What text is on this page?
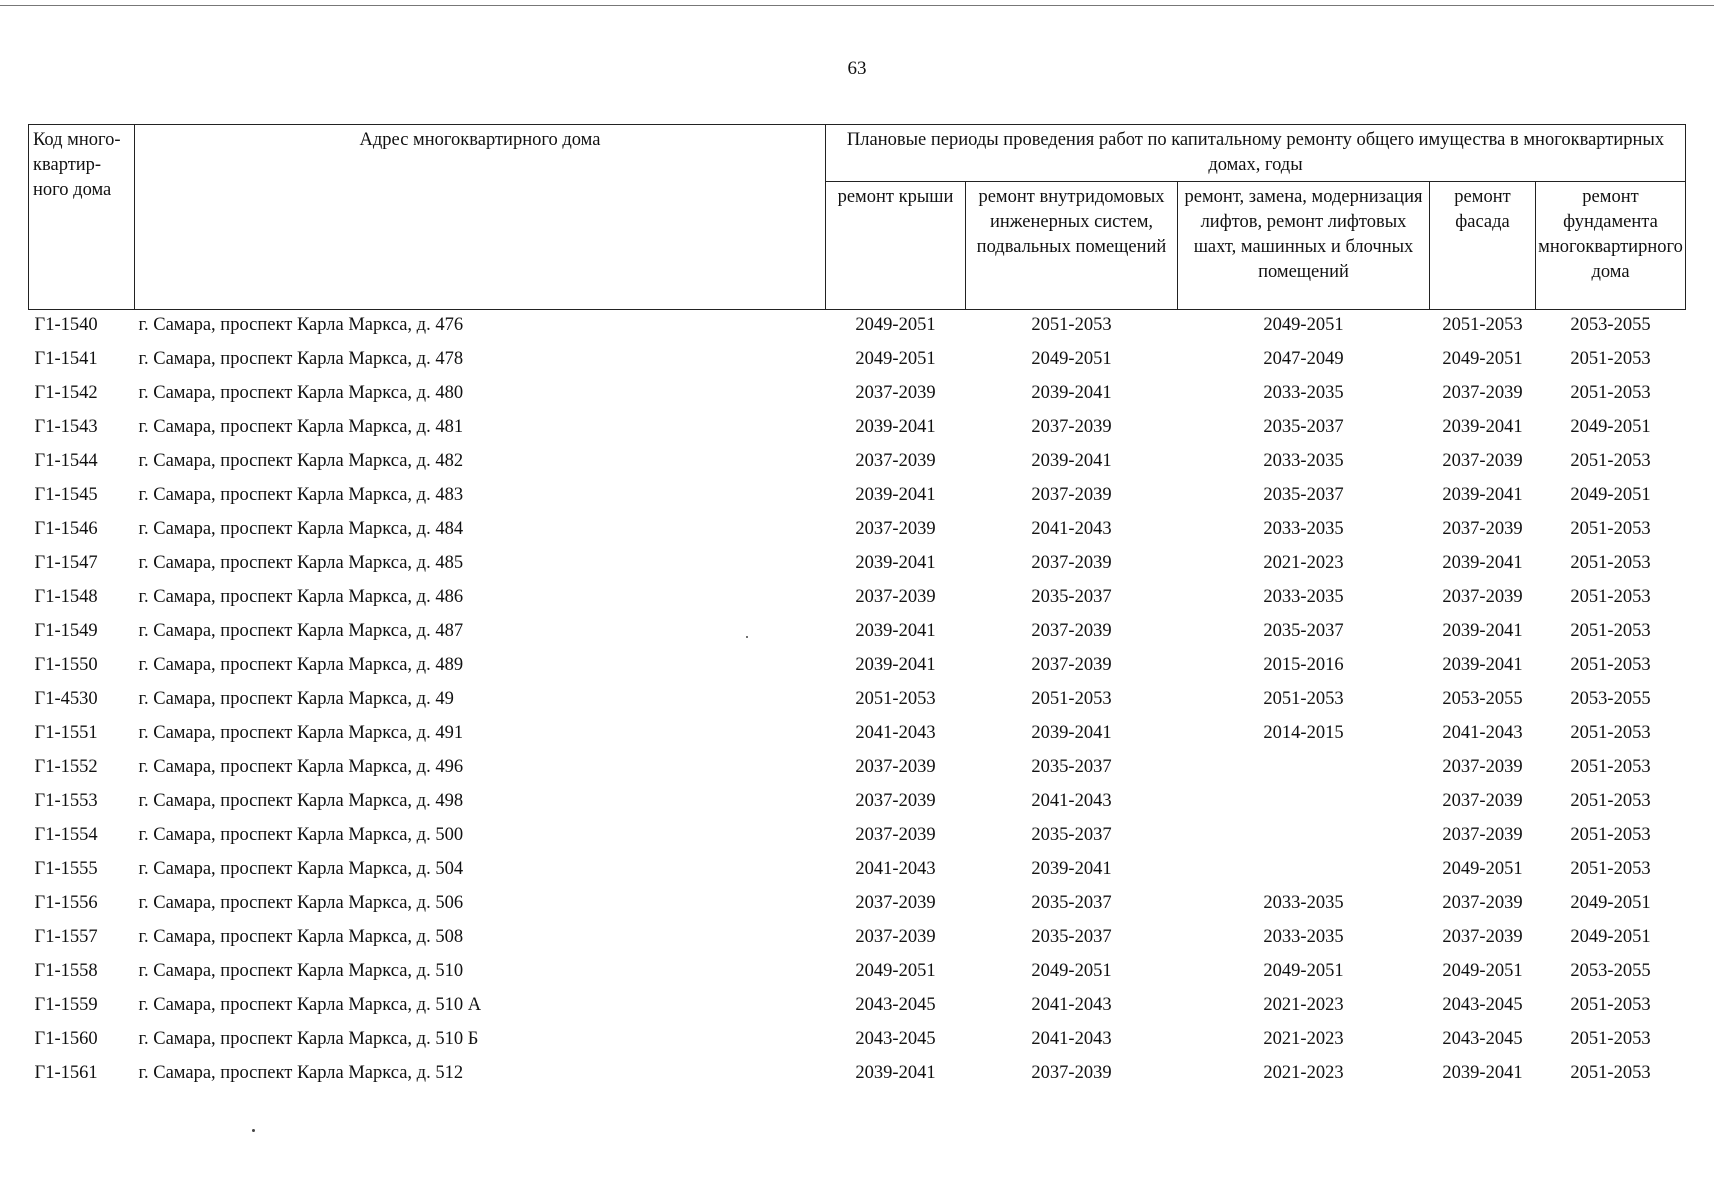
63
Код много-квартир-ного дома	Адрес многоквартирного дома	Плановые периоды проведения работ по капитальному ремонту общего имущества в многоквартирных домах, годы				
		ремонт крыши	ремонт внутридомовых инженерных систем, подвальных помещений	ремонт, замена, модернизация лифтов, ремонт лифтовых шахт, машинных и блочных помещений	ремонт фасада	ремонт фундамента многоквартирного дома
Г1-1540	г. Самара, проспект Карла Маркса, д. 476	2049-2051	2051-2053	2049-2051	2051-2053	2053-2055
Г1-1541	г. Самара, проспект Карла Маркса, д. 478	2049-2051	2049-2051	2047-2049	2049-2051	2051-2053
Г1-1542	г. Самара, проспект Карла Маркса, д. 480	2037-2039	2039-2041	2033-2035	2037-2039	2051-2053
Г1-1543	г. Самара, проспект Карла Маркса, д. 481	2039-2041	2037-2039	2035-2037	2039-2041	2049-2051
Г1-1544	г. Самара, проспект Карла Маркса, д. 482	2037-2039	2039-2041	2033-2035	2037-2039	2051-2053
Г1-1545	г. Самара, проспект Карла Маркса, д. 483	2039-2041	2037-2039	2035-2037	2039-2041	2049-2051
Г1-1546	г. Самара, проспект Карла Маркса, д. 484	2037-2039	2041-2043	2033-2035	2037-2039	2051-2053
Г1-1547	г. Самара, проспект Карла Маркса, д. 485	2039-2041	2037-2039	2021-2023	2039-2041	2051-2053
Г1-1548	г. Самара, проспект Карла Маркса, д. 486	2037-2039	2035-2037	2033-2035	2037-2039	2051-2053
Г1-1549	г. Самара, проспект Карла Маркса, д. 487	2039-2041	2037-2039	2035-2037	2039-2041	2051-2053
Г1-1550	г. Самара, проспект Карла Маркса, д. 489	2039-2041	2037-2039	2015-2016	2039-2041	2051-2053
Г1-4530	г. Самара, проспект Карла Маркса, д. 49	2051-2053	2051-2053	2051-2053	2053-2055	2053-2055
Г1-1551	г. Самара, проспект Карла Маркса, д. 491	2041-2043	2039-2041	2014-2015	2041-2043	2051-2053
Г1-1552	г. Самара, проспект Карла Маркса, д. 496	2037-2039	2035-2037		2037-2039	2051-2053
Г1-1553	г. Самара, проспект Карла Маркса, д. 498	2037-2039	2041-2043		2037-2039	2051-2053
Г1-1554	г. Самара, проспект Карла Маркса, д. 500	2037-2039	2035-2037		2037-2039	2051-2053
Г1-1555	г. Самара, проспект Карла Маркса, д. 504	2041-2043	2039-2041		2049-2051	2051-2053
Г1-1556	г. Самара, проспект Карла Маркса, д. 506	2037-2039	2035-2037	2033-2035	2037-2039	2049-2051
Г1-1557	г. Самара, проспект Карла Маркса, д. 508	2037-2039	2035-2037	2033-2035	2037-2039	2049-2051
Г1-1558	г. Самара, проспект Карла Маркса, д. 510	2049-2051	2049-2051	2049-2051	2049-2051	2053-2055
Г1-1559	г. Самара, проспект Карла Маркса, д. 510 А	2043-2045	2041-2043	2021-2023	2043-2045	2051-2053
Г1-1560	г. Самара, проспект Карла Маркса, д. 510 Б	2043-2045	2041-2043	2021-2023	2043-2045	2051-2053
Г1-1561	г. Самара, проспект Карла Маркса, д. 512	2039-2041	2037-2039	2021-2023	2039-2041	2051-2053
